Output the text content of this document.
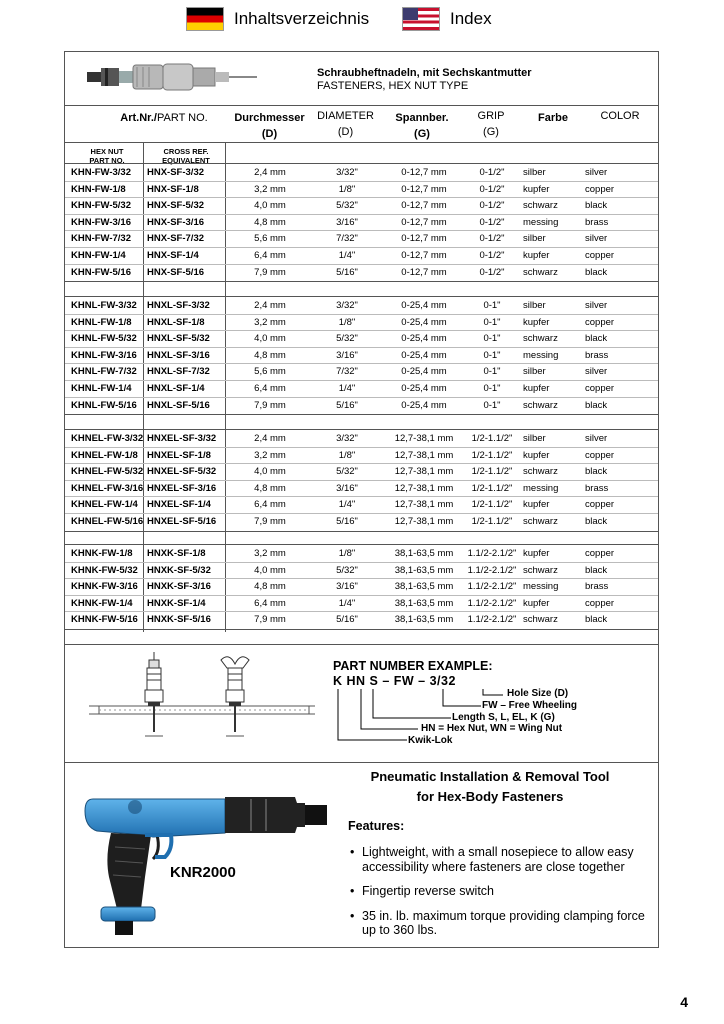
Inhaltsverzeichnis	Index
Schraubheftnadeln, mit Sechskantmutter
FASTENERS, HEX NUT TYPE
Art.Nr./PART NO.	Durchmesser
(D)
DIAMETER
(D)
Spannber.
(G)
GRIP
(G)
Farbe	COLOR
HEX NUT
PART NO.
CROSS REF.
EQUIVALENT
KHN-FW-3/32	HNX-SF-3/32	2,4 mm	3/32"	0-12,7 mm	0-1/2"	silber	silver
KHN-FW-1/8	HNX-SF-1/8	3,2 mm	1/8"	0-12,7 mm	0-1/2"	kupfer	copper
KHN-FW-5/32	HNX-SF-5/32	4,0 mm	5/32"	0-12,7 mm	0-1/2"	schwarz	black
KHN-FW-3/16	HNX-SF-3/16	4,8 mm	3/16"	0-12,7 mm	0-1/2"	messing	brass
KHN-FW-7/32	HNX-SF-7/32	5,6 mm	7/32"	0-12,7 mm	0-1/2"	silber	silver
KHN-FW-1/4	HNX-SF-1/4	6,4 mm	1/4"	0-12,7 mm	0-1/2"	kupfer	copper
KHN-FW-5/16	HNX-SF-5/16	7,9 mm	5/16"	0-12,7 mm	0-1/2"	schwarz	black
KHNL-FW-3/32	HNXL-SF-3/32	2,4 mm	3/32"	0-25,4 mm	0-1"	silber	silver
KHNL-FW-1/8	HNXL-SF-1/8	3,2 mm	1/8"	0-25,4 mm	0-1"	kupfer	copper
KHNL-FW-5/32	HNXL-SF-5/32	4,0 mm	5/32"	0-25,4 mm	0-1"	schwarz	black
KHNL-FW-3/16	HNXL-SF-3/16	4,8 mm	3/16"	0-25,4 mm	0-1"	messing	brass
KHNL-FW-7/32	HNXL-SF-7/32	5,6 mm	7/32"	0-25,4 mm	0-1"	silber	silver
KHNL-FW-1/4	HNXL-SF-1/4	6,4 mm	1/4"	0-25,4 mm	0-1"	kupfer	copper
KHNL-FW-5/16	HNXL-SF-5/16	7,9 mm	5/16"	0-25,4 mm	0-1"	schwarz	black
KHNEL-FW-3/32 HNXEL-SF-3/32	2,4 mm	3/32"	12,7-38,1 mm	1/2-1.1/2"	silber	silver
KHNEL-FW-1/8 HNXEL-SF-1/8	3,2 mm	1/8"	12,7-38,1 mm	1/2-1.1/2"	kupfer	copper
KHNEL-FW-5/32 HNXEL-SF-5/32	4,0 mm	5/32"	12,7-38,1 mm	1/2-1.1/2"	schwarz	black
KHNEL-FW-3/16 HNXEL-SF-3/16	4,8 mm	3/16"	12,7-38,1 mm	1/2-1.1/2"	messing	brass
KHNEL-FW-1/4 HNXEL-SF-1/4	6,4 mm	1/4"	12,7-38,1 mm	1/2-1.1/2"	kupfer	copper
KHNEL-FW-5/16 HNXEL-SF-5/16	7,9 mm	5/16"	12,7-38,1 mm	1/2-1.1/2"	schwarz	black
KHNK-FW-1/8	HNXK-SF-1/8	3,2 mm	1/8"	38,1-63,5 mm	1.1/2-2.1/2" kupfer	copper
KHNK-FW-5/32 HNXK-SF-5/32	4,0 mm	5/32"	38,1-63,5 mm	1.1/2-2.1/2" schwarz	black
KHNK-FW-3/16 HNXK-SF-3/16	4,8 mm	3/16"	38,1-63,5 mm	1.1/2-2.1/2" messing	brass
KHNK-FW-1/4	HNXK-SF-1/4	6,4 mm	1/4"	38,1-63,5 mm	1.1/2-2.1/2" kupfer	copper
KHNK-FW-5/16 HNXK-SF-5/16	7,9 mm	5/16"	38,1-63,5 mm	1.1/2-2.1/2" schwarz	black
PART NUMBER EXAMPLE:
K HN S – FW – 3/32
Hole Size (D)
FW – Free Wheeling
Length S, L, EL, K (G)
HN = Hex Nut, WN = Wing Nut
Kwik-Lok
KNR2000
Pneumatic Installation & Removal Tool
for Hex-Body Fasteners
Features:
• Lightweight, with a small nosepiece to allow easy accessibility where fasteners are close together
• Fingertip reverse switch
• 35 in. lb. maximum torque providing clamping force up to 360 lbs.
4
